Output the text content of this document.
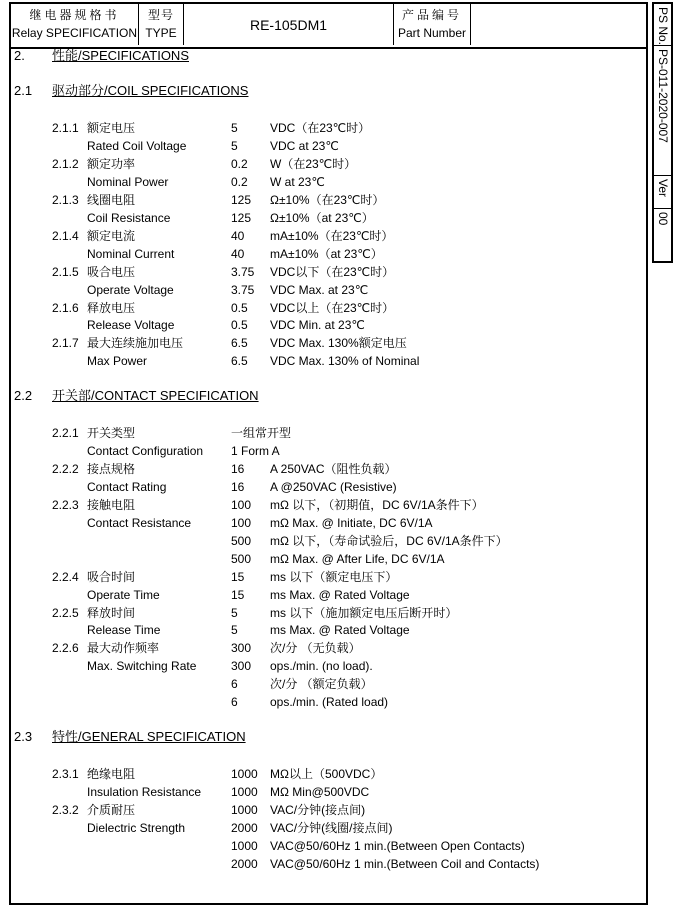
继电器规格书
Relay SPECIFICATION
型号
TYPE	RE-105DM1
产品编号
Part Number	PS No.
PS-011-2020-007
Ver
00
2. 性能/SPECIFICATIONS
2.1 驱动部分/COIL SPECIFICATIONS
2.1.1 额定电压	5	VDC（在23℃时）
Rated Coil Voltage	5	VDC at 23℃
2.1.2 额定功率	0.2 W（在23℃时）
Nominal Power	0.2 W at 23℃
2.1.3 线圈电阻	125 Ω±10%（在23℃时）
Coil Resistance	125 Ω±10%（at 23℃）
2.1.4 额定电流	40 mA±10%（在23℃时）
Nominal Current	40 mA±10%（at 23℃）
2.1.5 吸合电压	3.75 VDC以下（在23℃时）
Operate Voltage	3.75 VDC Max. at 23℃
2.1.6 释放电压	0.5 VDC以上（在23℃时）
Release Voltage	0.5 VDC Min. at 23℃
2.1.7 最大连续施加电压	6.5 VDC Max. 130%额定电压
Max Power	6.5 VDC Max. 130% of Nominal
2.2 开关部/CONTACT SPECIFICATION
2.2.1 开关类型	一组常开型
Contact Configuration 1 Form A
2.2.2 接点规格	16 A 250VAC（阻性负载）
Contact Rating	16 A @250VAC (Resistive)
2.2.3 接触电阻	100 mΩ 以下，（初期值，DC 6V/1A条件下）
Contact Resistance	100 mΩ Max. @ Initiate, DC 6V/1A
500 mΩ 以下，（寿命试验后，DC 6V/1A条件下）
500 mΩ Max. @ After Life, DC 6V/1A
2.2.4 吸合时间	15 ms 以下（额定电压下）
Operate Time	15 ms Max. @ Rated Voltage
2.2.5 释放时间	5	ms 以下（施加额定电压后断开时）
Release Time	5	ms Max. @ Rated Voltage
2.2.6 最大动作频率	300 次/分 （无负载）
Max. Switching Rate	300 ops./min. (no load).
6	次/分 （额定负载）
6	ops./min. (Rated load)
2.3 特性/GENERAL SPECIFICATION
2.3.1 绝缘电阻	1000 MΩ以上（500VDC）
Insulation Resistance 1000 MΩ Min@500VDC
2.3.2 介质耐压	1000 VAC/分钟(接点间)
Dielectric Strength	2000 VAC/分钟(线圈/接点间)
1000 VAC@50/60Hz 1 min.(Between Open Contacts)
2000 VAC@50/60Hz 1 min.(Between Coil and Contacts)
